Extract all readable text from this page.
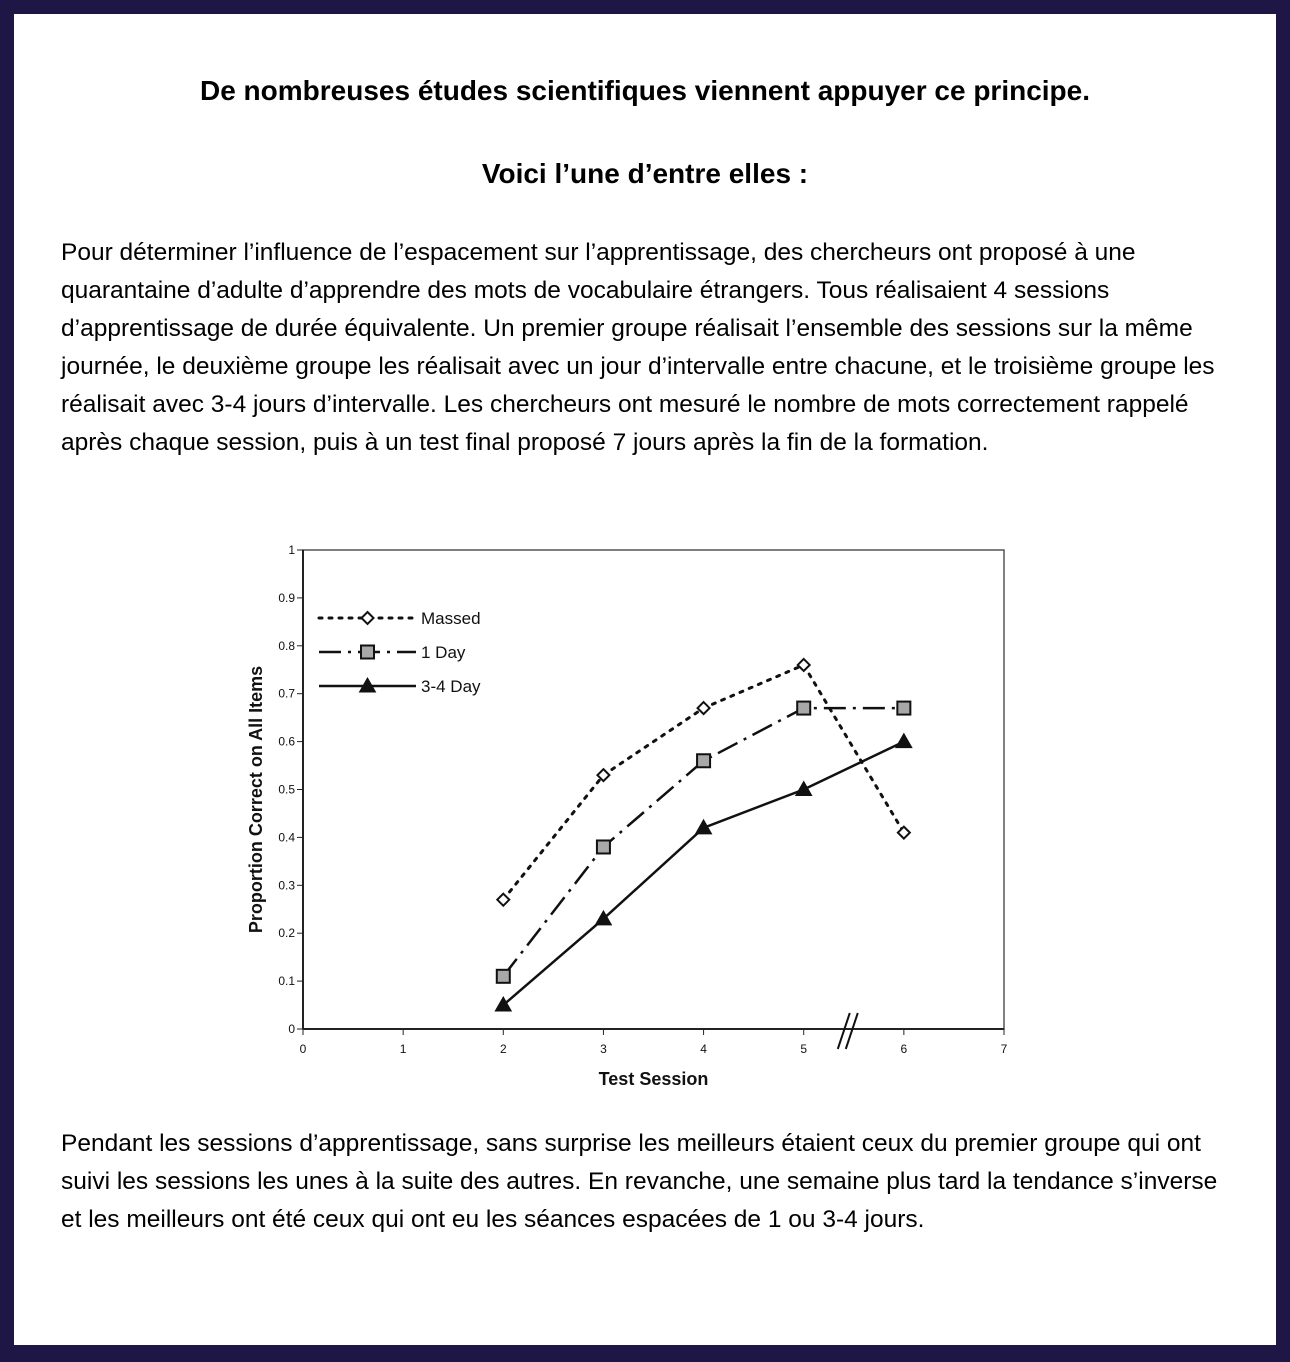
De nombreuses études scientifiques viennent appuyer ce principe.
Voici l’une d’entre elles :

Pour déterminer l’influence de l’espacement sur l’apprentissage, des chercheurs ont proposé à une quarantaine d’adulte d’apprendre des mots de vocabulaire étrangers. Tous réalisaient 4 sessions d’apprentissage de durée équivalente. Un premier groupe réalisait l’ensemble des sessions sur la même journée, le deuxième groupe les réalisait avec un jour d’intervalle entre chacune, et le troisième groupe les réalisait avec 3-4 jours d’intervalle. Les chercheurs ont mesuré le nombre de mots correctement rappelé après chaque session, puis à un test final proposé 7 jours après la fin de la formation.

0
0.1
0.2
0.3
0.4
0.5
0.6
0.7
0.8
0.9
1
0	1	2	3	4	5	6	7
Test Session
Proportion Correct on All Items
Massed
1 Day
3-4 Day

Pendant les sessions d’apprentissage, sans surprise les meilleurs étaient ceux du premier groupe qui ont suivi les sessions les unes à la suite des autres. En revanche, une semaine plus tard la tendance s’inverse et les meilleurs ont été ceux qui ont eu les séances espacées de 1 ou 3-4 jours.
